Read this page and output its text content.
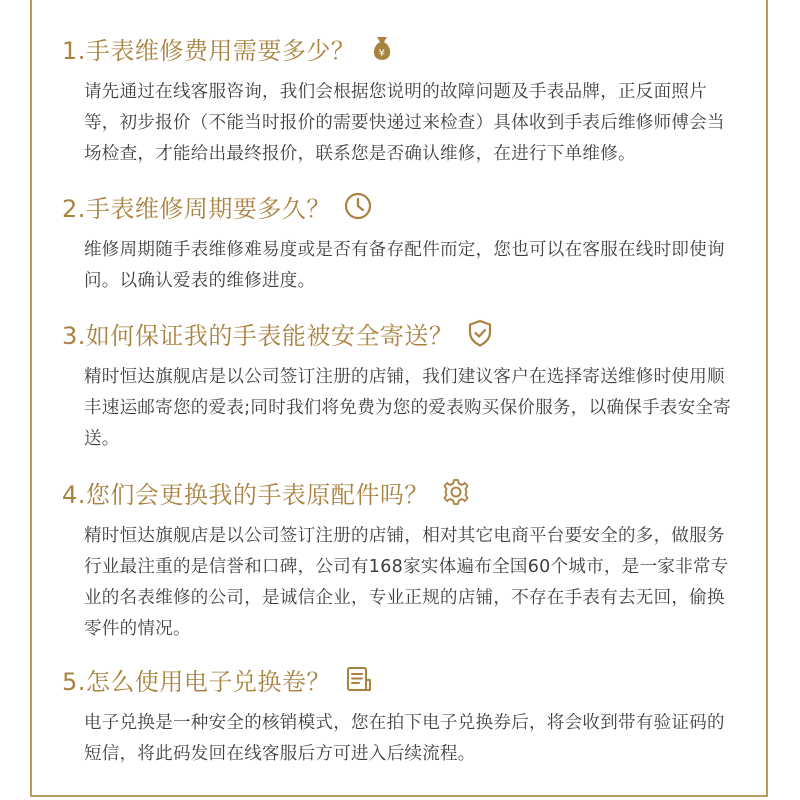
1.手表维修费用需要多少？ ¥
请先通过在线客服咨询，我们会根据您说明的故障问题及手表品牌，正反面照片等，初步报价（不能当时报价的需要快递过来检查）具体收到手表后维修师傅会当场检查，才能给出最终报价，联系您是否确认维修，在进行下单维修。
2.手表维修周期要多久？
维修周期随手表维修难易度或是否有备存配件而定，您也可以在客服在线时即使询问。以确认爱表的维修进度。
3.如何保证我的手表能被安全寄送？
精时恒达旗舰店是以公司签订注册的店铺，我们建议客户在选择寄送维修时使用顺丰速运邮寄您的爱表;同时我们将免费为您的爱表购买保价服务，以确保手表安全寄送。
4.您们会更换我的手表原配件吗？
精时恒达旗舰店是以公司签订注册的店铺，相对其它电商平台要安全的多，做服务行业最注重的是信誉和口碑，公司有168家实体遍布全国60个城市，是一家非常专业的名表维修的公司，是诚信企业，专业正规的店铺，不存在手表有去无回，偷换零件的情况。
5.怎么使用电子兑换卷？
电子兑换是一种安全的核销模式，您在拍下电子兑换券后，将会收到带有验证码的短信，将此码发回在线客服后方可进入后续流程。
